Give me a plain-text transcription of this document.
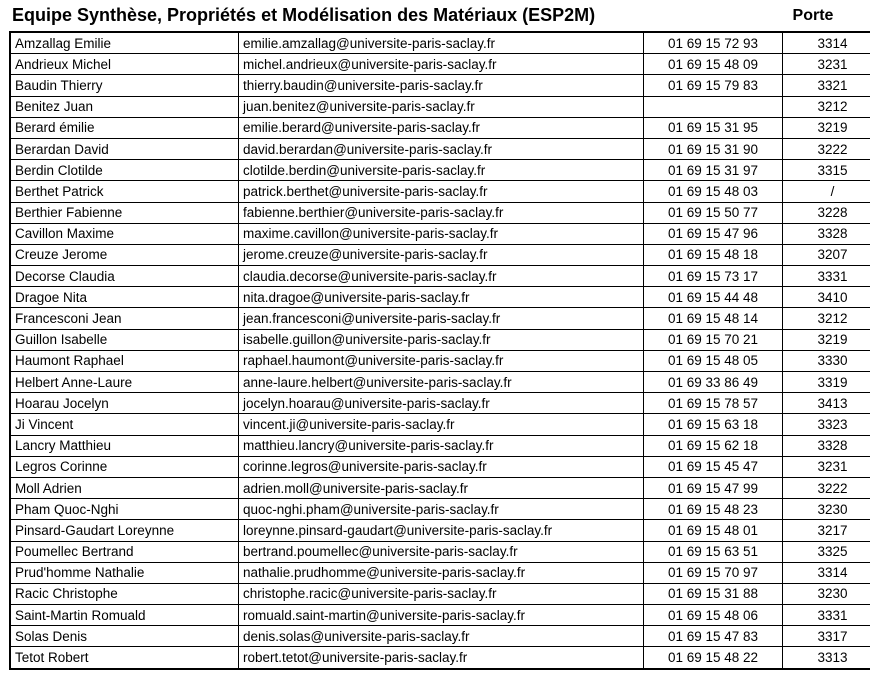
Equipe Synthèse, Propriétés et Modélisation des Matériaux (ESP2M)	Porte
Amzallag Emilie	emilie.amzallag@universite-paris-saclay.fr	01 69 15 72 93	3314
Andrieux Michel	michel.andrieux@universite-paris-saclay.fr	01 69 15 48 09	3231
Baudin Thierry	thierry.baudin@universite-paris-saclay.fr	01 69 15 79 83	3321
Benitez Juan	juan.benitez@universite-paris-saclay.fr		3212
Berard émilie	emilie.berard@universite-paris-saclay.fr	01 69 15 31 95	3219
Berardan David	david.berardan@universite-paris-saclay.fr	01 69 15 31 90	3222
Berdin Clotilde	clotilde.berdin@universite-paris-saclay.fr	01 69 15 31 97	3315
Berthet Patrick	patrick.berthet@universite-paris-saclay.fr	01 69 15 48 03	/
Berthier Fabienne	fabienne.berthier@universite-paris-saclay.fr	01 69 15 50 77	3228
Cavillon Maxime	maxime.cavillon@universite-paris-saclay.fr	01 69 15 47 96	3328
Creuze Jerome	jerome.creuze@universite-paris-saclay.fr	01 69 15 48 18	3207
Decorse Claudia	claudia.decorse@universite-paris-saclay.fr	01 69 15 73 17	3331
Dragoe Nita	nita.dragoe@universite-paris-saclay.fr	01 69 15 44 48	3410
Francesconi Jean	jean.francesconi@universite-paris-saclay.fr	01 69 15 48 14	3212
Guillon Isabelle	isabelle.guillon@universite-paris-saclay.fr	01 69 15 70 21	3219
Haumont Raphael	raphael.haumont@universite-paris-saclay.fr	01 69 15 48 05	3330
Helbert Anne-Laure	anne-laure.helbert@universite-paris-saclay.fr	01 69 33 86 49	3319
Hoarau Jocelyn	jocelyn.hoarau@universite-paris-saclay.fr	01 69 15 78 57	3413
Ji Vincent	vincent.ji@universite-paris-saclay.fr	01 69 15 63 18	3323
Lancry Matthieu	matthieu.lancry@universite-paris-saclay.fr	01 69 15 62 18	3328
Legros Corinne	corinne.legros@universite-paris-saclay.fr	01 69 15 45 47	3231
Moll Adrien	adrien.moll@universite-paris-saclay.fr	01 69 15 47 99	3222
Pham Quoc-Nghi	quoc-nghi.pham@universite-paris-saclay.fr	01 69 15 48 23	3230
Pinsard-Gaudart Loreynne	loreynne.pinsard-gaudart@universite-paris-saclay.fr	01 69 15 48 01	3217
Poumellec Bertrand	bertrand.poumellec@universite-paris-saclay.fr	01 69 15 63 51	3325
Prud'homme Nathalie	nathalie.prudhomme@universite-paris-saclay.fr	01 69 15 70 97	3314
Racic Christophe	christophe.racic@universite-paris-saclay.fr	01 69 15 31 88	3230
Saint-Martin Romuald	romuald.saint-martin@universite-paris-saclay.fr	01 69 15 48 06	3331
Solas Denis	denis.solas@universite-paris-saclay.fr	01 69 15 47 83	3317
Tetot Robert	robert.tetot@universite-paris-saclay.fr	01 69 15 48 22	3313
